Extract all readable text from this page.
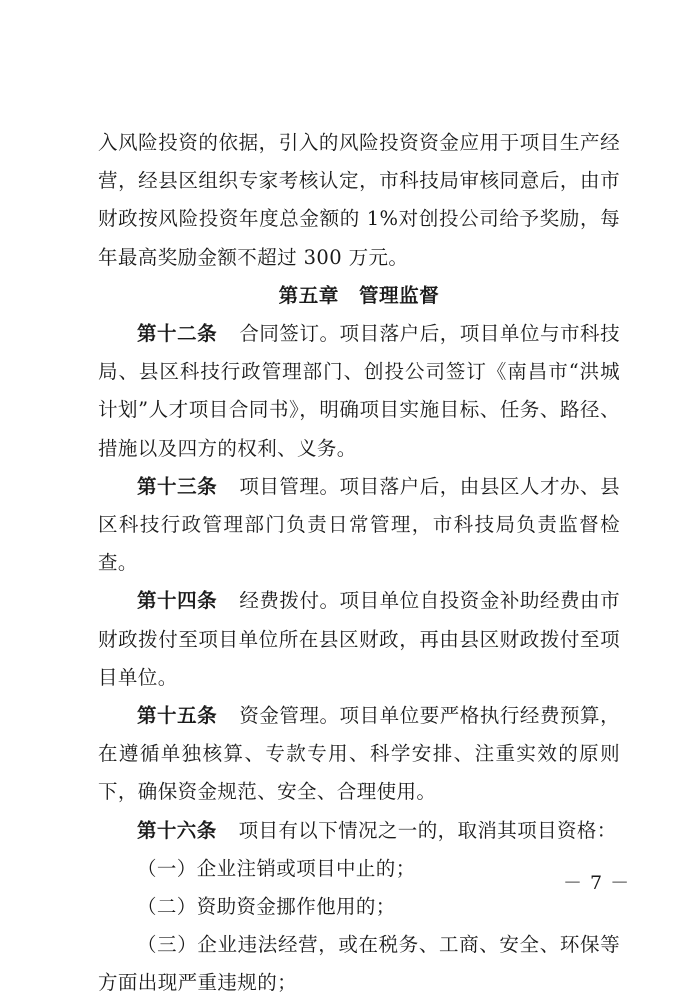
入风险投资的依据，引入的风险投资资金应用于项目生产经营，经县区组织专家考核认定，市科技局审核同意后，由市财政按风险投资年度总金额的 1%对创投公司给予奖励，每年最高奖励金额不超过 300 万元。

第五章 管理监督

第十二条 合同签订。项目落户后，项目单位与市科技局、县区科技行政管理部门、创投公司签订《南昌市“洪城计划”人才项目合同书》，明确项目实施目标、任务、路径、措施以及四方的权利、义务。

第十三条 项目管理。项目落户后，由县区人才办、县区科技行政管理部门负责日常管理，市科技局负责监督检查。

第十四条 经费拨付。项目单位自投资金补助经费由市财政拨付至项目单位所在县区财政，再由县区财政拨付至项目单位。

第十五条 资金管理。项目单位要严格执行经费预算，在遵循单独核算、专款专用、科学安排、注重实效的原则下，确保资金规范、安全、合理使用。

第十六条 项目有以下情况之一的，取消其项目资格：

（一）企业注销或项目中止的；

（二）资助资金挪作他用的；

（三）企业违法经营，或在税务、工商、安全、环保等方面出现严重违规的；

－ 7 －
